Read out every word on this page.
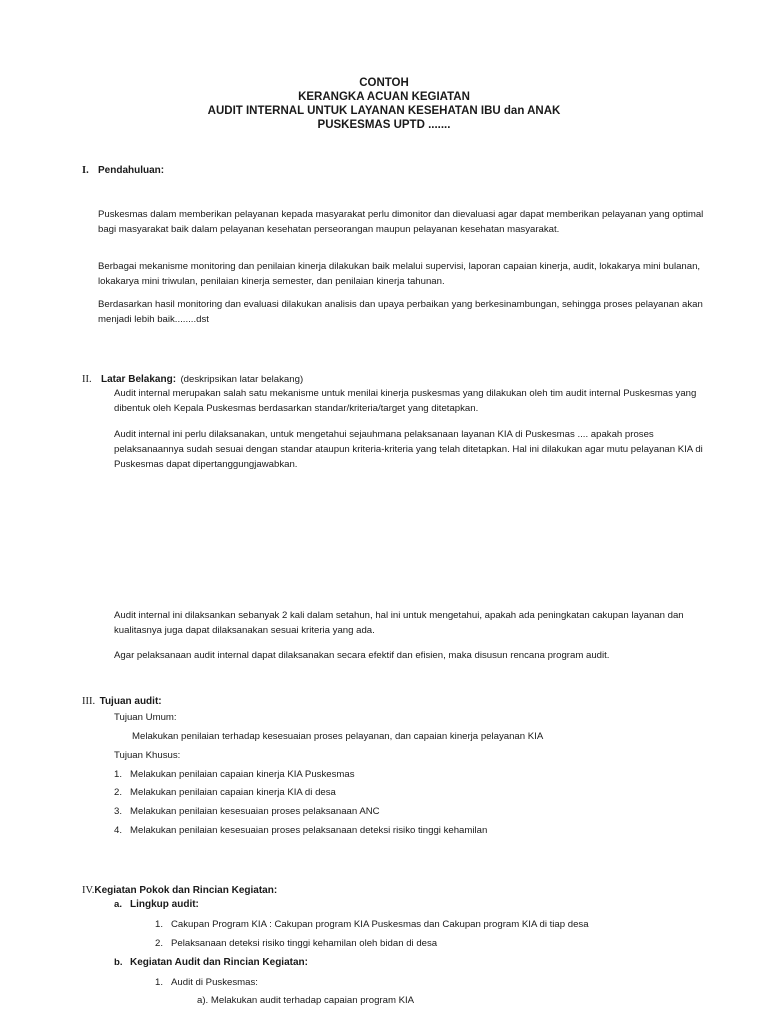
CONTOH
KERANGKA ACUAN KEGIATAN
AUDIT INTERNAL UNTUK LAYANAN KESEHATAN IBU dan ANAK
PUSKESMAS UPTD .......
I. Pendahuluan:
Puskesmas dalam memberikan pelayanan kepada masyarakat perlu dimonitor dan dievaluasi agar dapat memberikan pelayanan yang optimal bagi masyarakat baik dalam pelayanan kesehatan perseorangan maupun pelayanan kesehatan masyarakat.
Berbagai mekanisme monitoring dan penilaian kinerja dilakukan baik melalui supervisi, laporan capaian kinerja, audit, lokakarya mini bulanan, lokakarya mini triwulan, penilaian kinerja semester, dan penilaian kinerja tahunan.
Berdasarkan hasil monitoring dan evaluasi dilakukan analisis dan upaya perbaikan yang berkesinambungan, sehingga proses pelayanan akan menjadi lebih baik........dst
II. Latar Belakang: (deskripsikan latar belakang)
Audit internal merupakan salah satu mekanisme untuk menilai kinerja puskesmas yang dilakukan oleh tim audit internal Puskesmas yang dibentuk oleh Kepala Puskesmas berdasarkan standar/kriteria/target yang ditetapkan.
Audit internal ini perlu dilaksanakan, untuk mengetahui sejauhmana pelaksanaan layanan KIA di Puskesmas .... apakah proses pelaksanaannya sudah sesuai dengan standar ataupun kriteria-kriteria yang telah ditetapkan. Hal ini dilakukan agar mutu pelayanan KIA di Puskesmas dapat dipertanggungjawabkan.
Audit internal ini dilaksankan sebanyak 2 kali dalam setahun, hal ini untuk mengetahui, apakah ada peningkatan cakupan layanan dan kualitasnya juga dapat dilaksanakan sesuai kriteria yang ada.
Agar pelaksanaan audit internal dapat dilaksanakan secara efektif dan efisien, maka disusun rencana program audit.
III. Tujuan audit:
Tujuan Umum:
Melakukan penilaian terhadap kesesuaian proses pelayanan, dan capaian kinerja pelayanan KIA
Tujuan Khusus:
1. Melakukan penilaian capaian kinerja KIA Puskesmas
2. Melakukan penilaian capaian kinerja KIA di desa
3. Melakukan penilaian kesesuaian proses pelaksanaan ANC
4. Melakukan penilaian kesesuaian proses pelaksanaan deteksi risiko tinggi kehamilan
IV.Kegiatan Pokok dan Rincian Kegiatan:
a. Lingkup audit:
1. Cakupan Program KIA : Cakupan program KIA Puskesmas dan Cakupan program KIA di tiap desa
2. Pelaksanaan deteksi risiko tinggi kehamilan oleh bidan di desa
b. Kegiatan Audit dan Rincian Kegiatan:
1. Audit di Puskesmas:
a). Melakukan audit terhadap capaian program KIA
